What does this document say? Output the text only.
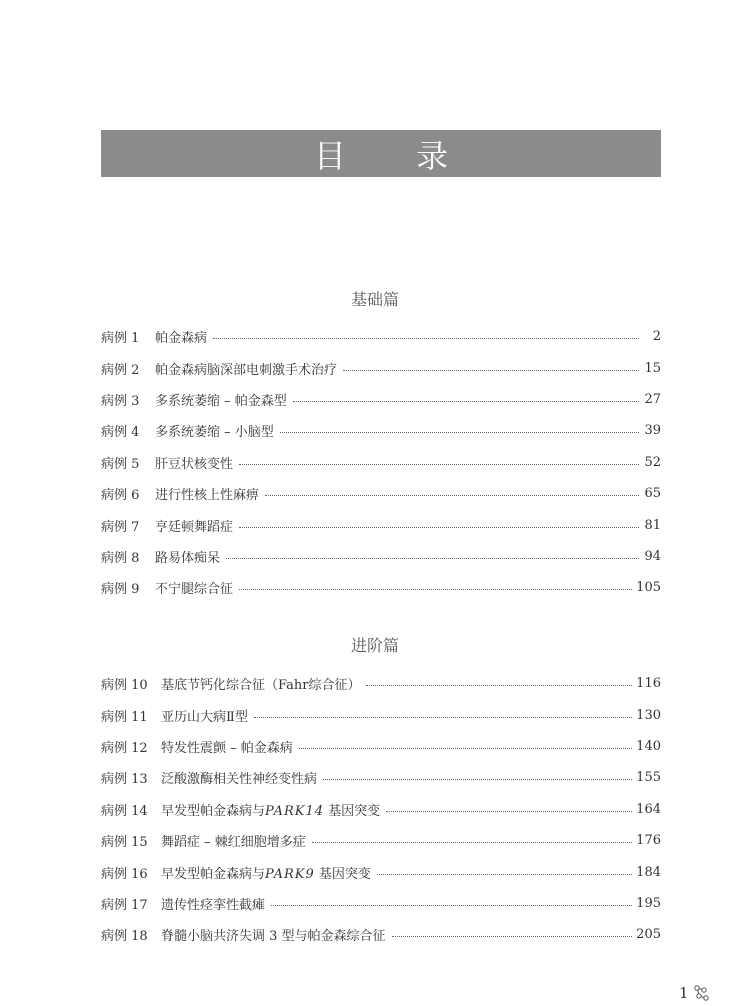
目 录
基础篇
病例 1	帕金森病	2
病例 2	帕金森病脑深部电刺激手术治疗	15
病例 3	多系统萎缩 – 帕金森型	27
病例 4	多系统萎缩 – 小脑型	39
病例 5	肝豆状核变性	52
病例 6	进行性核上性麻痹	65
病例 7	亨廷顿舞蹈症	81
病例 8	路易体痴呆	94
病例 9	不宁腿综合征	105
进阶篇
病例 10	基底节钙化综合征（Fahr综合征）	116
病例 11	亚历山大病Ⅱ型	130
病例 12	特发性震颤 – 帕金森病	140
病例 13	泛酸激酶相关性神经变性病	155
病例 14	早发型帕金森病与PARK14 基因突变	164
病例 15	舞蹈症 – 棘红细胞增多症	176
病例 16	早发型帕金森病与PARK9 基因突变	184
病例 17	遗传性痉挛性截瘫	195
病例 18	脊髓小脑共济失调 3 型与帕金森综合征	205
1
